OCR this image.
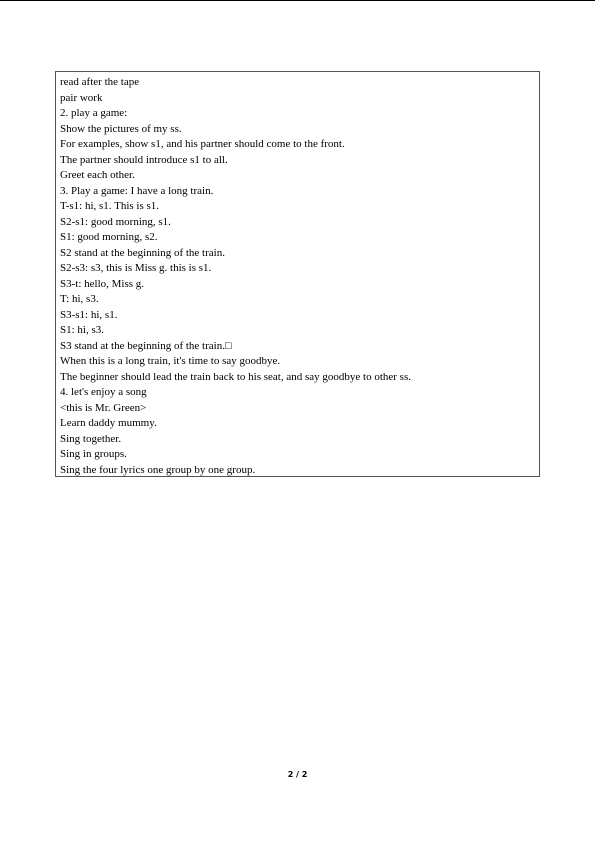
read after the tape
pair work
2. play a game:
Show the pictures of my ss.
For examples, show s1, and his partner should come to the front.
The partner should introduce s1 to all.
Greet each other.
3. Play a game: I have a long train.
T-s1: hi, s1. This is s1.
S2-s1: good morning, s1.
S1: good morning, s2.
S2 stand at the beginning of the train.
S2-s3: s3, this is Miss g. this is s1.
S3-t: hello, Miss g.
T: hi, s3.
S3-s1: hi, s1.
S1: hi, s3.
S3 stand at the beginning of the train.□
When this is a long train, it's time to say goodbye.
The beginner should lead the train back to his seat, and say goodbye to other ss.
4. let's enjoy a song
<this is Mr. Green>
Learn daddy mummy.
Sing together.
Sing in groups.
Sing the four lyrics one group by one group.
2 / 2
